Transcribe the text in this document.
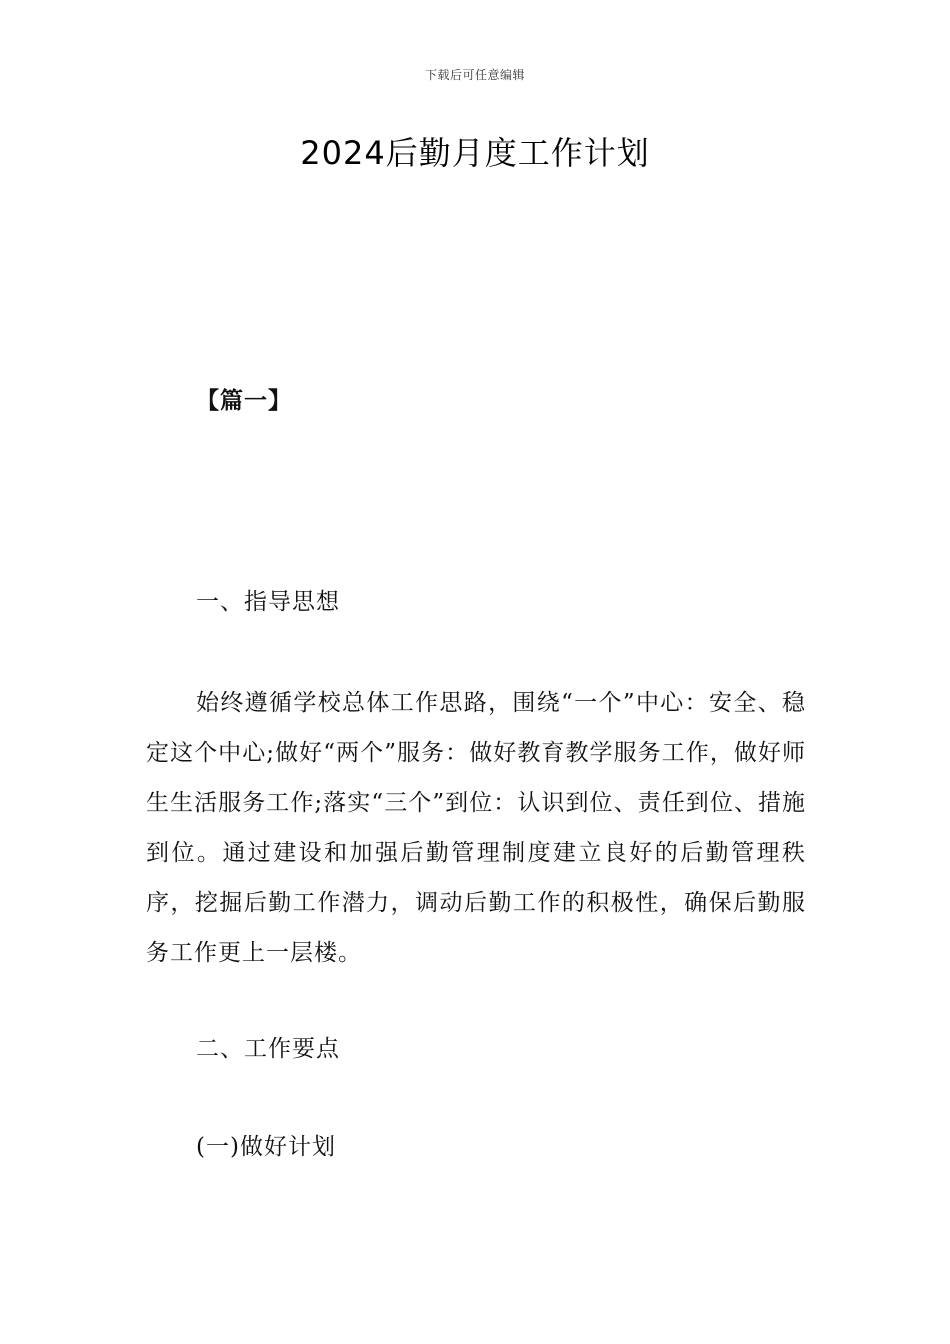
下载后可任意编辑
2024后勤月度工作计划
【篇一】
一、指导思想

始终遵循学校总体工作思路，围绕“一个”中心：安全、稳定这个中心;做好“两个”服务：做好教育教学服务工作，做好师生生活服务工作;落实“三个”到位：认识到位、责任到位、措施到位。通过建设和加强后勤管理制度建立良好的后勤管理秩序，挖掘后勤工作潜力，调动后勤工作的积极性，确保后勤服务工作更上一层楼。

二、工作要点
(一)做好计划
